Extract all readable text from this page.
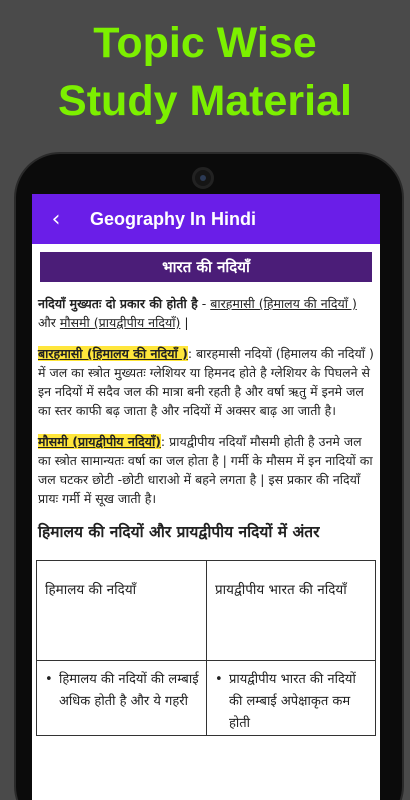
Topic Wise
Study Material
‹	Geography In Hindi
भारत की नदियाँ

नदियाँ मुख्यतः दो प्रकार की होती है - बारहमासी (हिमालय की नदियाँ ) और मौसमी (प्रायद्वीपीय नदियाँ) |

बारहमासी (हिमालय की नदियाँ ): बारहमासी नदियों (हिमालय की नदियाँ ) में जल का स्त्रोत मुख्यतः ग्लेशियर या हिमनद होते है ग्लेशियर के पिघलने से इन नदियों में सदैव जल की मात्रा बनी रहती है और वर्षा ऋतु में इनमे जल का स्तर काफी बढ़ जाता है और नदियों में अक्सर बाढ़ आ जाती है।

मौसमी (प्रायद्वीपीय नदियाँ): प्रायद्वीपीय नदियाँ मौसमी होती है उनमे जल का स्त्रोत सामान्यतः वर्षा का जल होता है | गर्मी के मौसम में इन नादियों का जल घटकर छोटी -छोटी धाराओ में बहने लगता है | इस प्रकार की नदियाँ प्रायः गर्मी में सूख जाती है।

हिमालय की नदियों और प्रायद्वीपीय नदियों में अंतर
हिमालय की नदियाँ	प्रायद्वीपीय भारत की नदियाँ

• हिमालय की नदियों की लम्बाई अधिक होती है और ये गहरी	• प्रायद्वीपीय भारत की नदियों की लम्बाई अपेक्षाकृत कम होती
